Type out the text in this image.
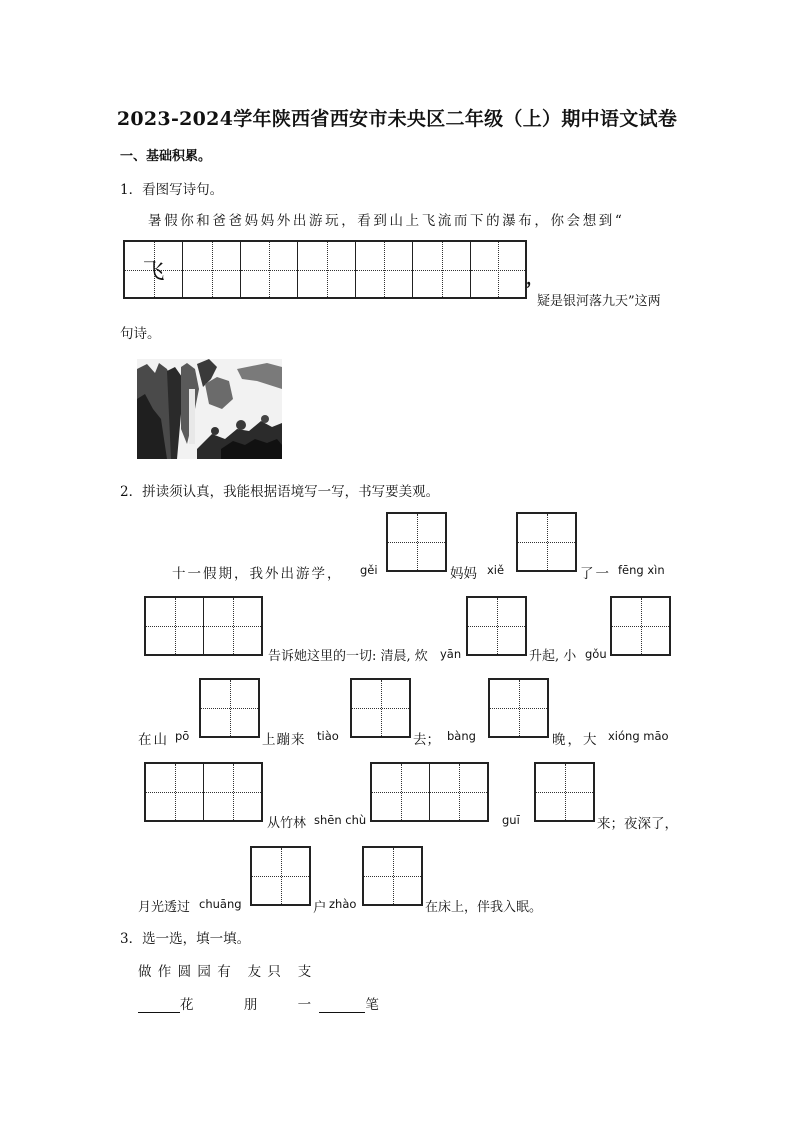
2023-2024学年陕西省西安市未央区二年级（上）期中语文试卷
一、基础积累。
1．看图写诗句。
暑假你和爸爸妈妈外出游玩，看到山上飞流而下的瀑布，你会想到“
飞	，
疑是银河落九天”这两
句诗。
2．拼读须认真，我能根据语境写一写，书写要美观。
十一假期，我外出游学， gěi	妈妈 xiě	了一 fēng xìn
告诉她这里的一切: 清晨, 炊 yān	升起, 小 gǒu
在山 pō	上蹦来 tiào	去； bàng	晚，大 xióng māo
从竹林 shēn chù	guī	来；夜深了，
月光透过 chuāng	户 zhào	在床上，伴我入眠。
3．选一选，填一填。
做 作 圆 园 有 友 只 支
花	朋	一	笔
